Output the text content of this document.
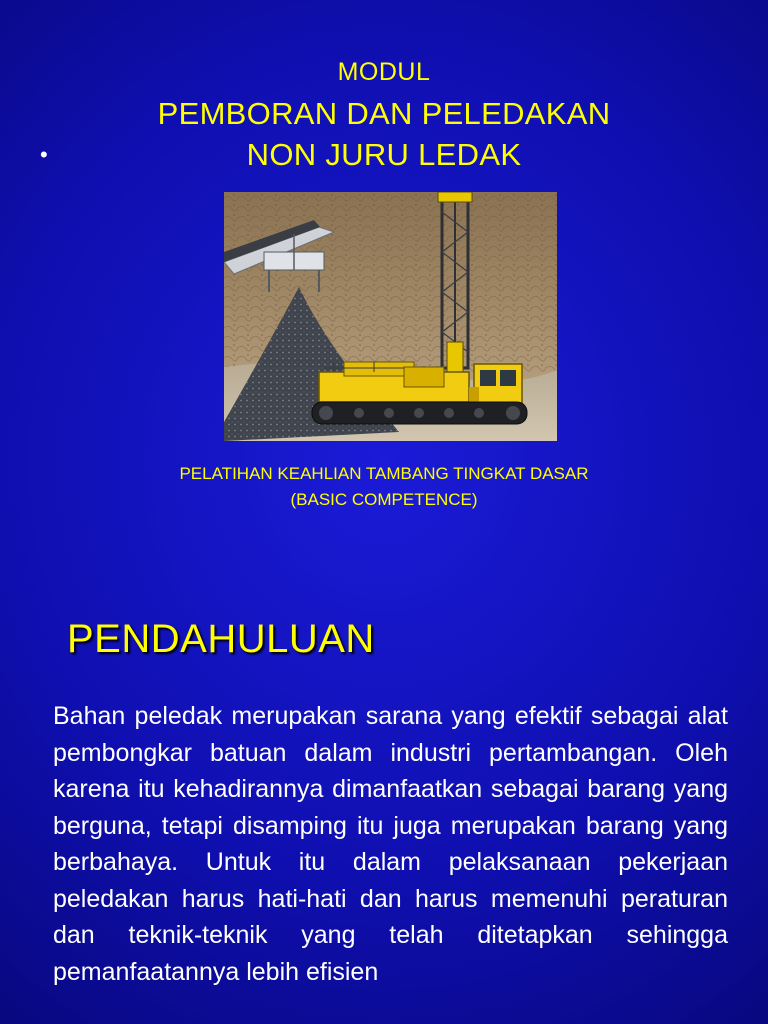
MODUL
PEMBORAN DAN PELEDAKAN
•	NON JURU LEDAK
PELATIHAN KEAHLIAN TAMBANG TINGKAT DASAR
(BASIC COMPETENCE)
PENDAHULUAN
Bahan peledak merupakan sarana yang efektif sebagai alat pembongkar batuan dalam industri pertambangan. Oleh karena itu kehadirannya dimanfaatkan sebagai barang yang berguna, tetapi disamping itu juga merupakan barang yang berbahaya. Untuk itu dalam pelaksanaan pekerjaan peledakan harus hati-hati dan harus memenuhi peraturan dan teknik-teknik yang telah ditetapkan sehingga pemanfaatannya lebih efisien
